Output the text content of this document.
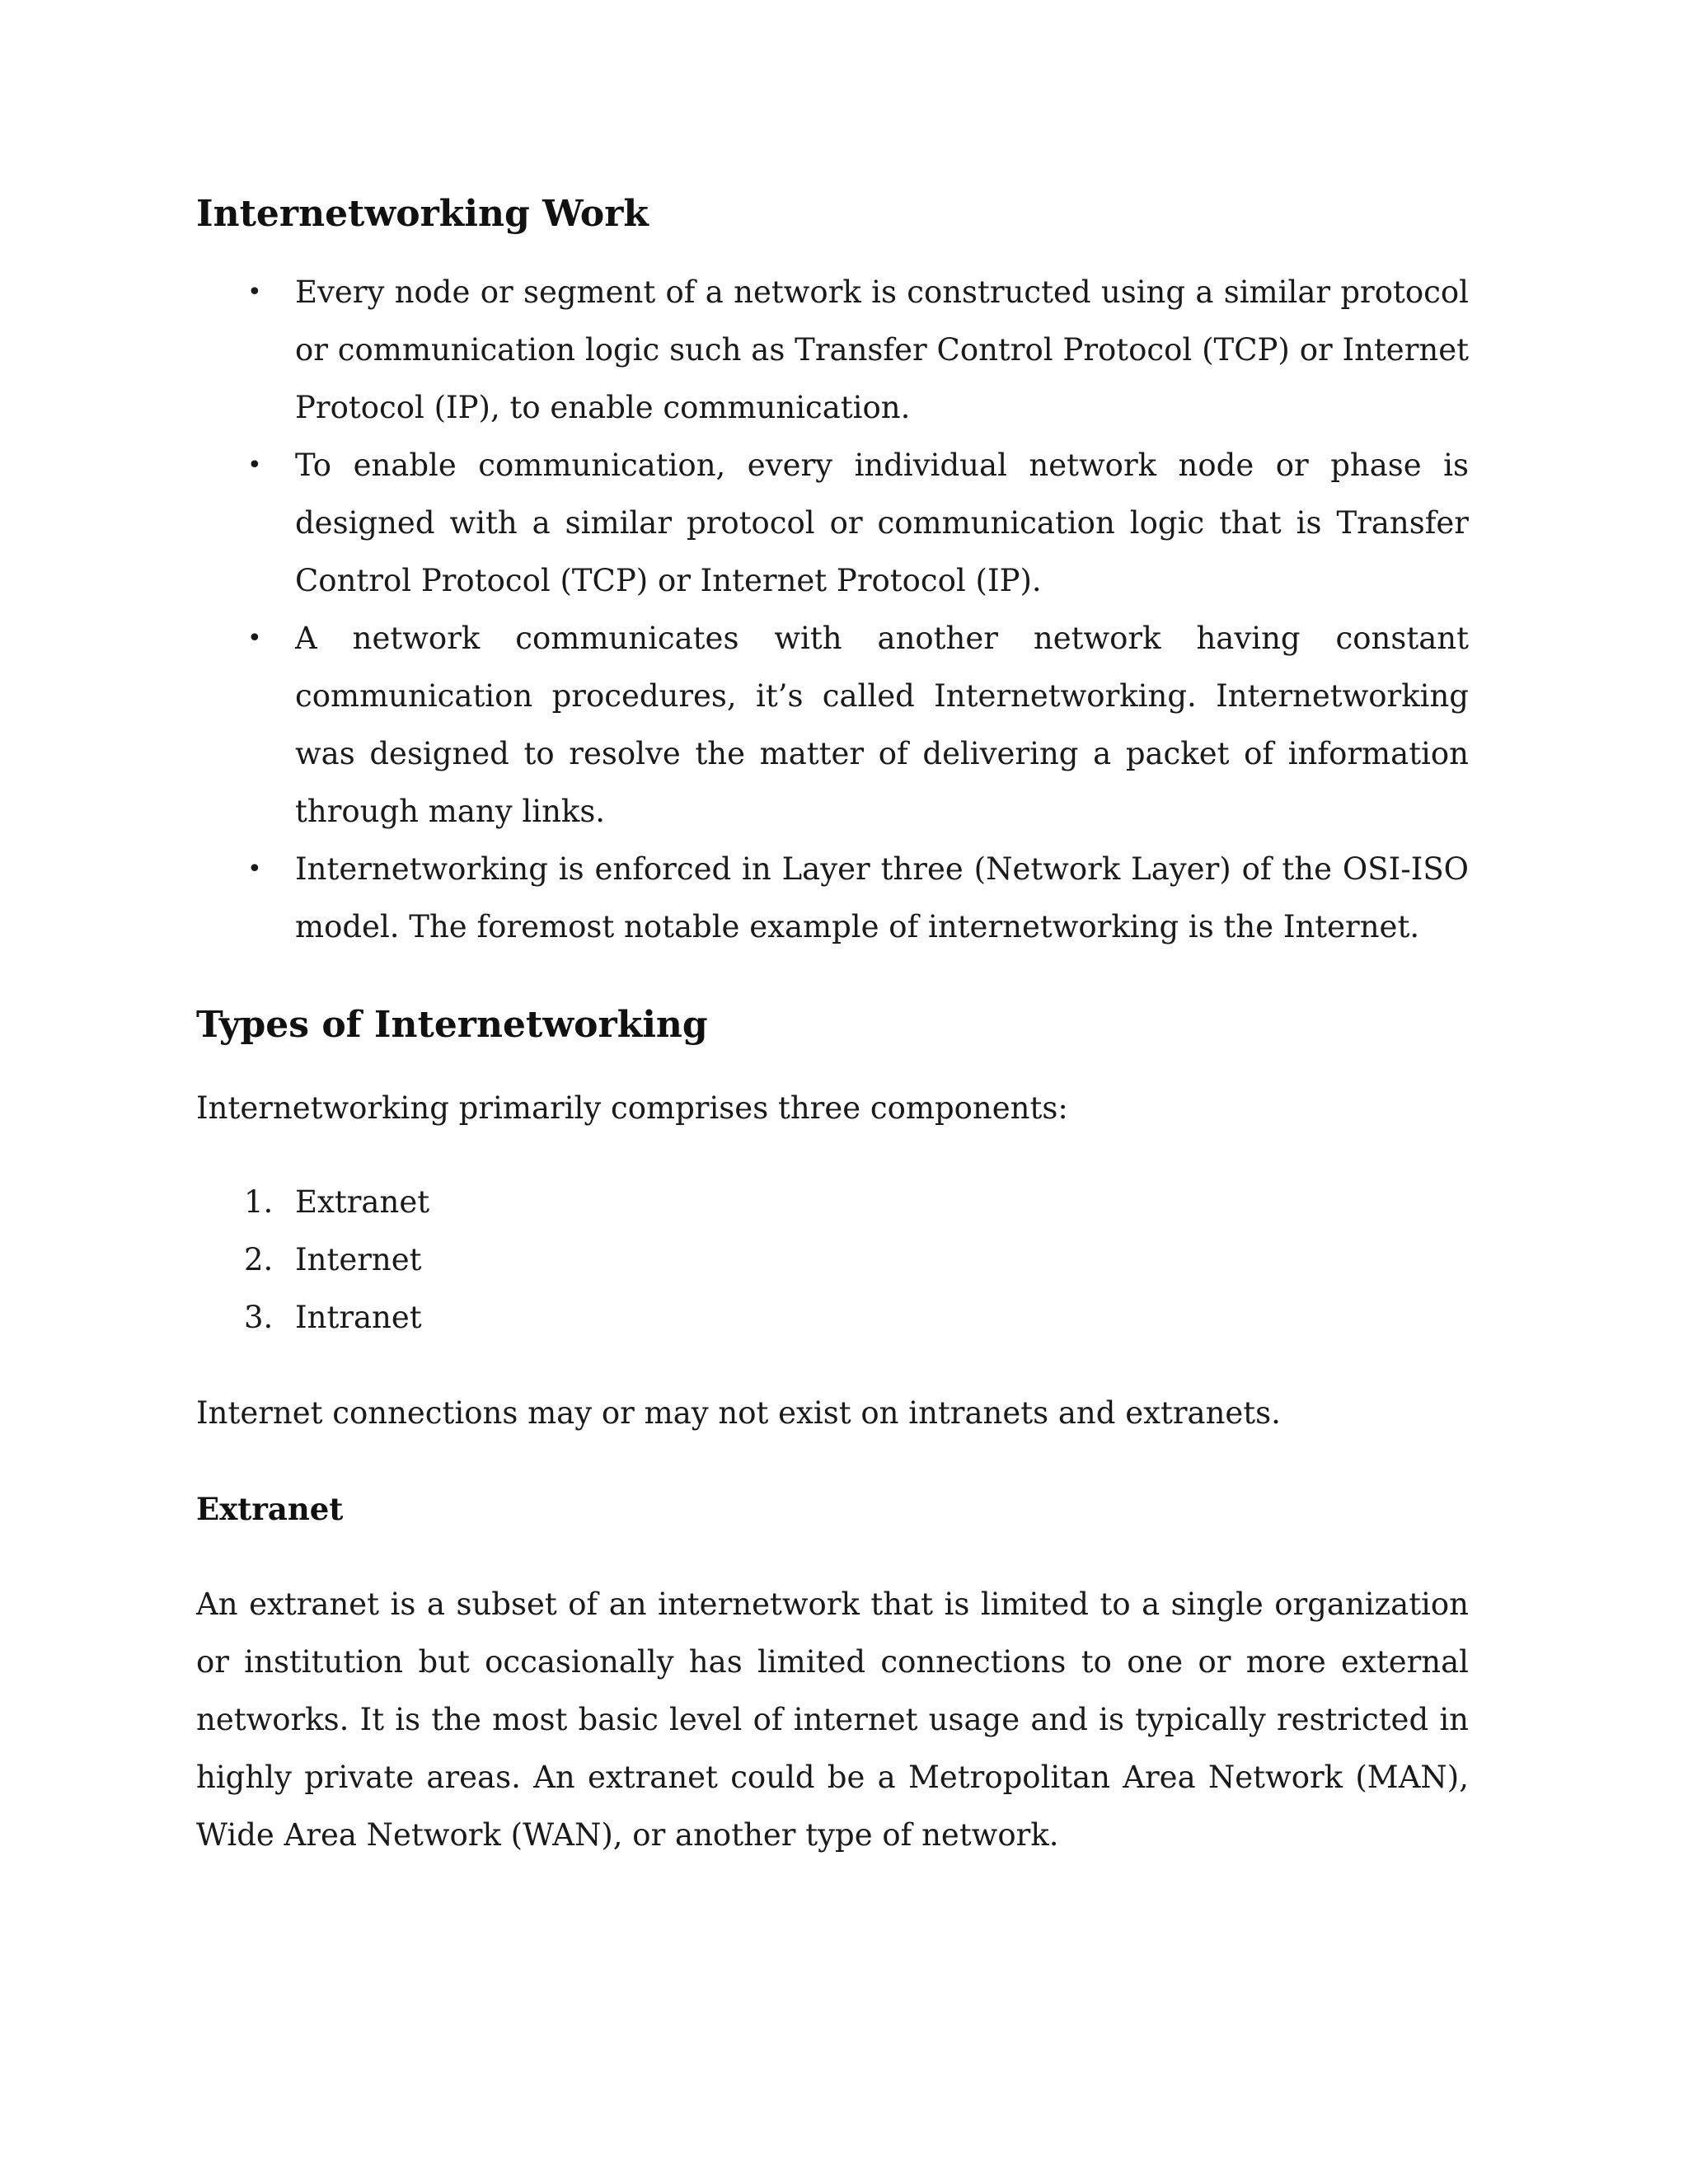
Internetworking Work
• Every node or segment of a network is constructed using a similar protocol or communication logic such as Transfer Control Protocol (TCP) or Internet Protocol (IP), to enable communication.
• To enable communication, every individual network node or phase is designed with a similar protocol or communication logic that is Transfer Control Protocol (TCP) or Internet Protocol (IP).
• A network communicates with another network having constant communication procedures, it’s called Internetworking. Internetworking was designed to resolve the matter of delivering a packet of information through many links.
• Internetworking is enforced in Layer three (Network Layer) of the OSI-ISO model. The foremost notable example of internetworking is the Internet.
Types of Internetworking

Internetworking primarily comprises three components:

1. Extranet
2. Internet
3. Intranet

Internet connections may or may not exist on intranets and extranets.

Extranet

An extranet is a subset of an internetwork that is limited to a single organization or institution but occasionally has limited connections to one or more external networks. It is the most basic level of internet usage and is typically restricted in highly private areas. An extranet could be a Metropolitan Area Network (MAN), Wide Area Network (WAN), or another type of network.
